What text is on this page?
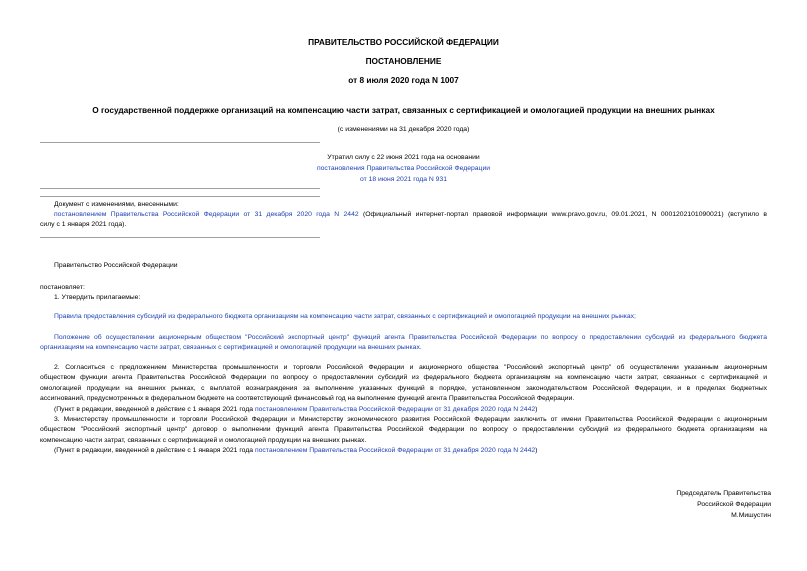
ПРАВИТЕЛЬСТВО РОССИЙСКОЙ ФЕДЕРАЦИИ
ПОСТАНОВЛЕНИЕ
от 8 июля 2020 года N 1007
О государственной поддержке организаций на компенсацию части затрат, связанных с сертификацией и омологацией продукции на внешних рынках
(с изменениями на 31 декабря 2020 года)
Утратил силу с 22 июня 2021 года на основании
постановления Правительства Российской Федерации
от 18 июня 2021 года N 931
Документ с изменениями, внесенными:
постановлением Правительства Российской Федерации от 31 декабря 2020 года N 2442 (Официальный интернет-портал правовой информации www.pravo.gov.ru, 09.01.2021, N 0001202101090021) (вступило в
силу с 1 января 2021 года).
Правительство Российской Федерации
постановляет:
1. Утвердить прилагаемые:
Правила предоставления субсидий из федерального бюджета организациям на компенсацию части затрат, связанных с сертификацией и омологацией продукции на внешних рынках;
Положение об осуществлении акционерным обществом "Российский экспортный центр" функций агента Правительства Российской Федерации по вопросу о предоставлении субсидий из федерального бюджета
организациям на компенсацию части затрат, связанных с сертификацией и омологацией продукции на внешних рынках.
2. Согласиться с предложением Министерства промышленности и торговли Российской Федерации и акционерного общества "Российский экспортный центр" об осуществлении указанным акционерным
обществом функции агента Правительства Российской Федерации по вопросу о предоставлении субсидий из федерального бюджета организациям на компенсацию части затрат, связанных с сертификацией и
омологацией продукции на внешних рынках, с выплатой вознаграждения за выполнение указанных функций в порядке, установленном законодательством Российской Федерации, и в пределах бюджетных
ассигнований, предусмотренных в федеральном бюджете на соответствующий финансовый год на выполнение функций агента Правительства Российской Федерации.
(Пункт в редакции, введенной в действие с 1 января 2021 года постановлением Правительства Российской Федерации от 31 декабря 2020 года N 2442)
3. Министерству промышленности и торговли Российской Федерации и Министерству экономического развития Российской Федерации заключить от имени Правительства Российской Федерации с акционерным
обществом "Российский экспортный центр" договор о выполнении функций агента Правительства Российской Федерации по вопросу о предоставлении субсидий из федерального бюджета организациям на
компенсацию части затрат, связанных с сертификацией и омологацией продукции на внешних рынках.
(Пункт в редакции, введенной в действие с 1 января 2021 года постановлением Правительства Российской Федерации от 31 декабря 2020 года N 2442)
Председатель Правительства
Российской Федерации
М.Мишустин
